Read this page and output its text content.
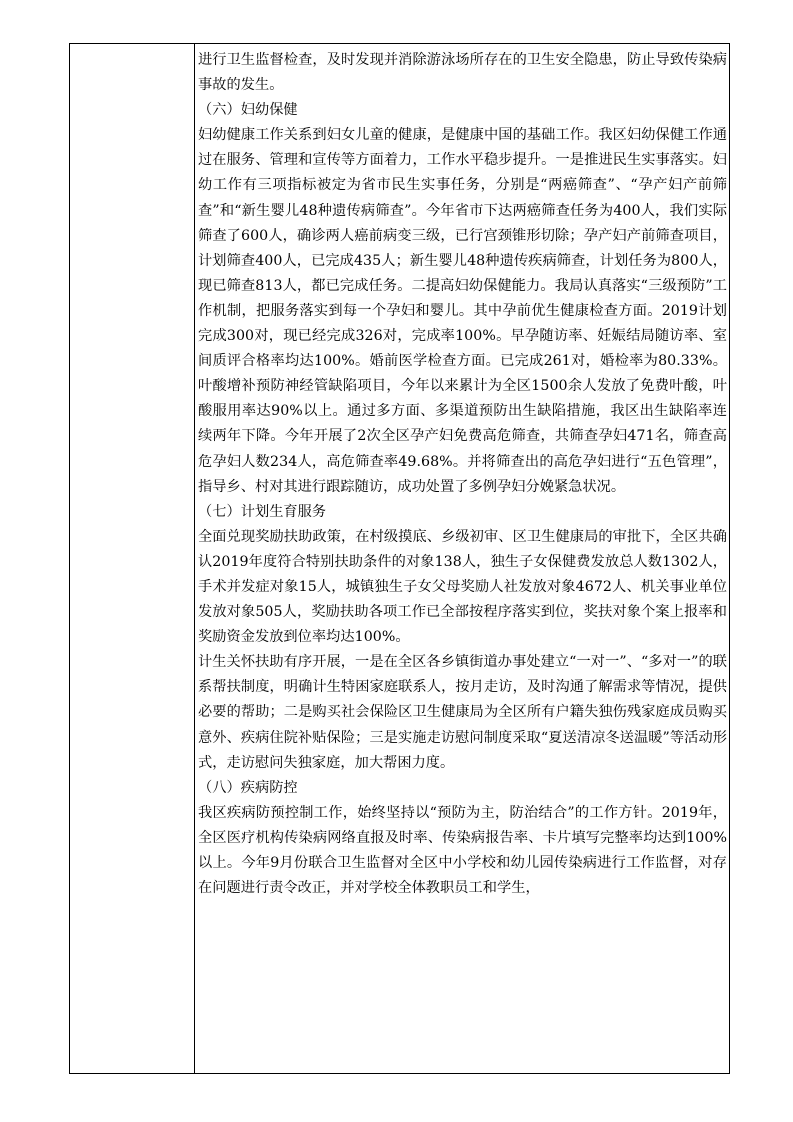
进行卫生监督检查，及时发现并消除游泳场所存在的卫生安全隐患，防止导致传染病事故的发生。

（六）妇幼保健

妇幼健康工作关系到妇女儿童的健康，是健康中国的基础工作。我区妇幼保健工作通过在服务、管理和宣传等方面着力，工作水平稳步提升。一是推进民生实事落实。妇幼工作有三项指标被定为省市民生实事任务，分别是“两癌筛查”、“孕产妇产前筛查”和“新生婴儿48种遗传病筛查”。今年省市下达两癌筛查任务为400人，我们实际筛查了600人，确诊两人癌前病变三级，已行宫颈锥形切除；孕产妇产前筛查项目，计划筛查400人，已完成435人；新生婴儿48种遗传疾病筛查，计划任务为800人，现已筛查813人，都已完成任务。二提高妇幼保健能力。我局认真落实“三级预防”工作机制，把服务落实到每一个孕妇和婴儿。其中孕前优生健康检查方面。2019计划完成300对，现已经完成326对，完成率100%。早孕随访率、妊娠结局随访率、室间质评合格率均达100%。婚前医学检查方面。已完成261对，婚检率为80.33%。叶酸增补预防神经管缺陷项目，今年以来累计为全区1500余人发放了免费叶酸，叶酸服用率达90%以上。通过多方面、多渠道预防出生缺陷措施，我区出生缺陷率连续两年下降。今年开展了2次全区孕产妇免费高危筛查，共筛查孕妇471名，筛查高危孕妇人数234人，高危筛查率49.68%。并将筛查出的高危孕妇进行“五色管理”，指导乡、村对其进行跟踪随访，成功处置了多例孕妇分娩紧急状况。

（七）计划生育服务

全面兑现奖励扶助政策，在村级摸底、乡级初审、区卫生健康局的审批下，全区共确认2019年度符合特别扶助条件的对象138人，独生子女保健费发放总人数1302人，手术并发症对象15人，城镇独生子女父母奖励人社发放对象4672人、机关事业单位发放对象505人，奖励扶助各项工作已全部按程序落实到位，奖扶对象个案上报率和奖励资金发放到位率均达100%。

计生关怀扶助有序开展，一是在全区各乡镇街道办事处建立“一对一”、“多对一”的联系帮扶制度，明确计生特困家庭联系人，按月走访，及时沟通了解需求等情况，提供必要的帮助；二是购买社会保险区卫生健康局为全区所有户籍失独伤残家庭成员购买意外、疾病住院补贴保险；三是实施走访慰问制度采取“夏送清凉冬送温暖”等活动形式，走访慰问失独家庭，加大帮困力度。

（八）疾病防控

我区疾病防预控制工作，始终坚持以“预防为主，防治结合”的工作方针。2019年，全区医疗机构传染病网络直报及时率、传染病报告率、卡片填写完整率均达到100%以上。今年9月份联合卫生监督对全区中小学校和幼儿园传染病进行工作监督，对存在问题进行责令改正，并对学校全体教职员工和学生，
